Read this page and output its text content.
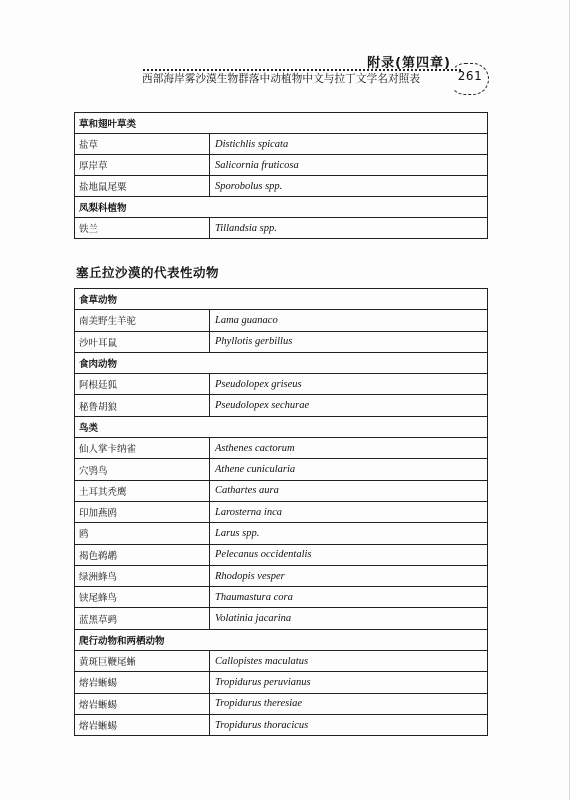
附录(第四章)
西部海岸雾沙漠生物群落中动植物中文与拉丁文学名对照表	261
草和翅叶草类	
盐草	Distichlis spicata
厚岸草	Salicornia fruticosa
盐地鼠尾粟	Sporobolus spp.
凤梨科植物	
铁兰	Tillandsia spp.
塞丘拉沙漠的代表性动物
食草动物	
南美野生羊驼	Lama guanaco
沙叶耳鼠	Phyllotis gerbillus
食肉动物	
阿根廷狐	Pseudolopex griseus
秘鲁胡狼	Pseudolopex sechurae
鸟类	
仙人掌卡纳雀	Asthenes cactorum
穴鸮鸟	Athene cunicularia
土耳其秃鹰	Cathartes aura
印加燕鸥	Larosterna inca
鸥	Larus spp.
褐色鹈鹕	Pelecanus occidentalis
绿洲蜂鸟	Rhodopis vesper
铗尾蜂鸟	Thaumastura cora
蓝黑草鹀	Volatinia jacarina
爬行动物和两栖动物	
黄斑巨鞭尾蜥	Callopistes maculatus
熔岩蜥蜴	Tropidurus peruvianus
熔岩蜥蜴	Tropidurus theresiae
熔岩蜥蜴	Tropidurus thoracicus
